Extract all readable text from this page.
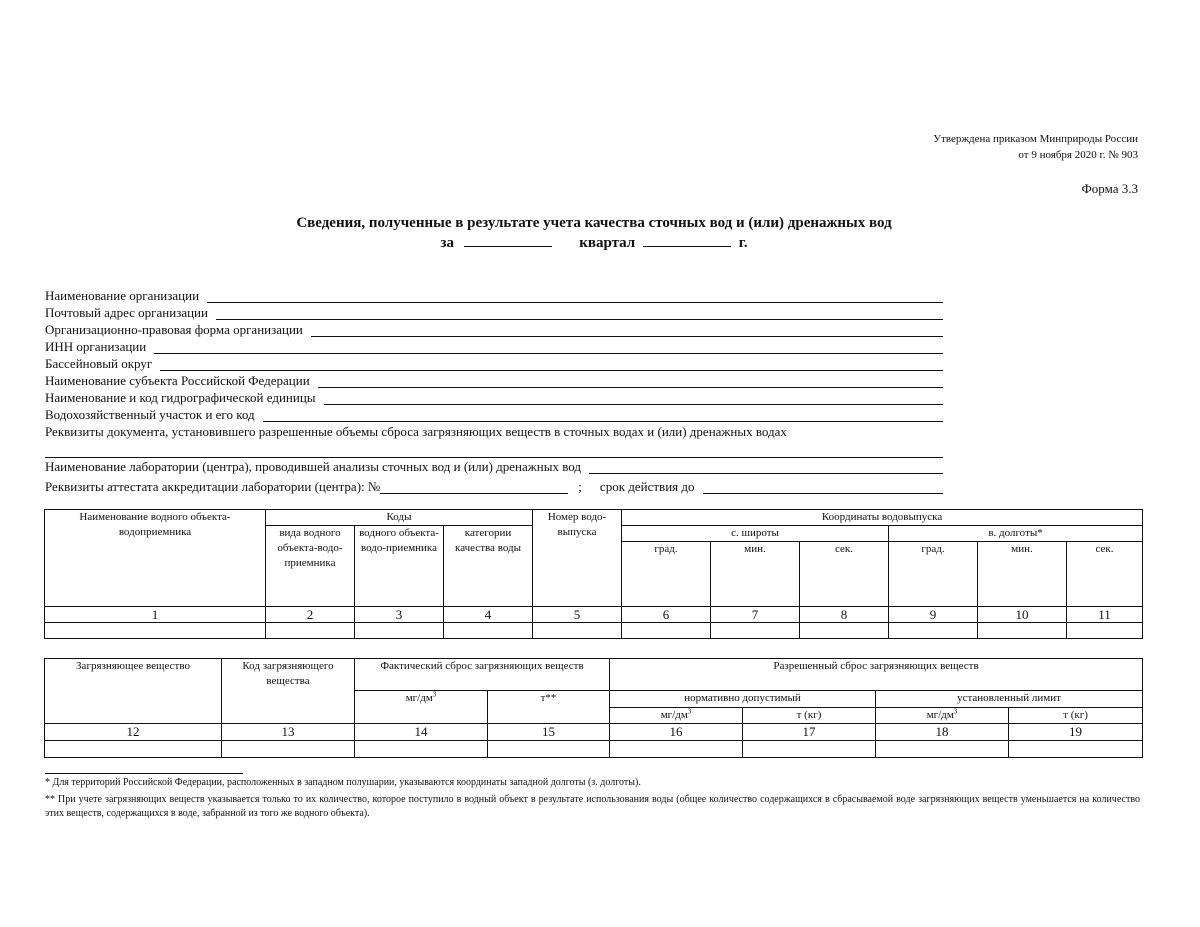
Утверждена приказом Минприроды России
от 9 ноября 2020 г. № 903
Форма 3.3
Сведения, полученные в результате учета качества сточных вод и (или) дренажных вод
за	квартал	г.
Наименование организации
Почтовый адрес организации
Организационно-правовая форма организации
ИНН организации
Бассейновый округ
Наименование субъекта Российской Федерации
Наименование и код гидрографической единицы
Водохозяйственный участок и его код
Реквизиты документа, установившего разрешенные объемы сброса загрязняющих веществ в сточных водах и (или) дренажных водах
Наименование лаборатории (центра), проводившей анализы сточных вод и (или) дренажных вод
Реквизиты аттестата аккредитации лаборатории (центра): №	;	срок действия до
Наименование водного объекта-водоприемника	Коды			Номер водо-выпуска	Координаты водовыпуска					
	вида водного объекта-водо-приемника	водного объекта-водо-приемника	категории качества воды		с. широты			в. долготы*		
					град.	мин.	сек.	град.	мин.	сек.
1	2	3	4	5	6	7	8	9	10	11

Загрязняющее вещество	Код загрязняющего вещества	Фактический сброс загрязняющих веществ		Разрешенный сброс загрязняющих веществ			
		$мг/дм^3$	т**	нормативно допустимый		установленный лимит	
				$мг/дм^3$	т (кг)	$мг/дм^3$	т (кг)
12	13	14	15	16	17	18	19

* Для территорий Российской Федерации, расположенных в западном полушарии, указываются координаты западной долготы (з. долготы).
** При учете загрязняющих веществ указывается только то их количество, которое поступило в водный объект в результате использования воды (общее количество содержащихся в сбрасываемой воде загрязняющих веществ уменьшается на количество этих веществ, содержащихся в воде, забранной из того же водного объекта).
